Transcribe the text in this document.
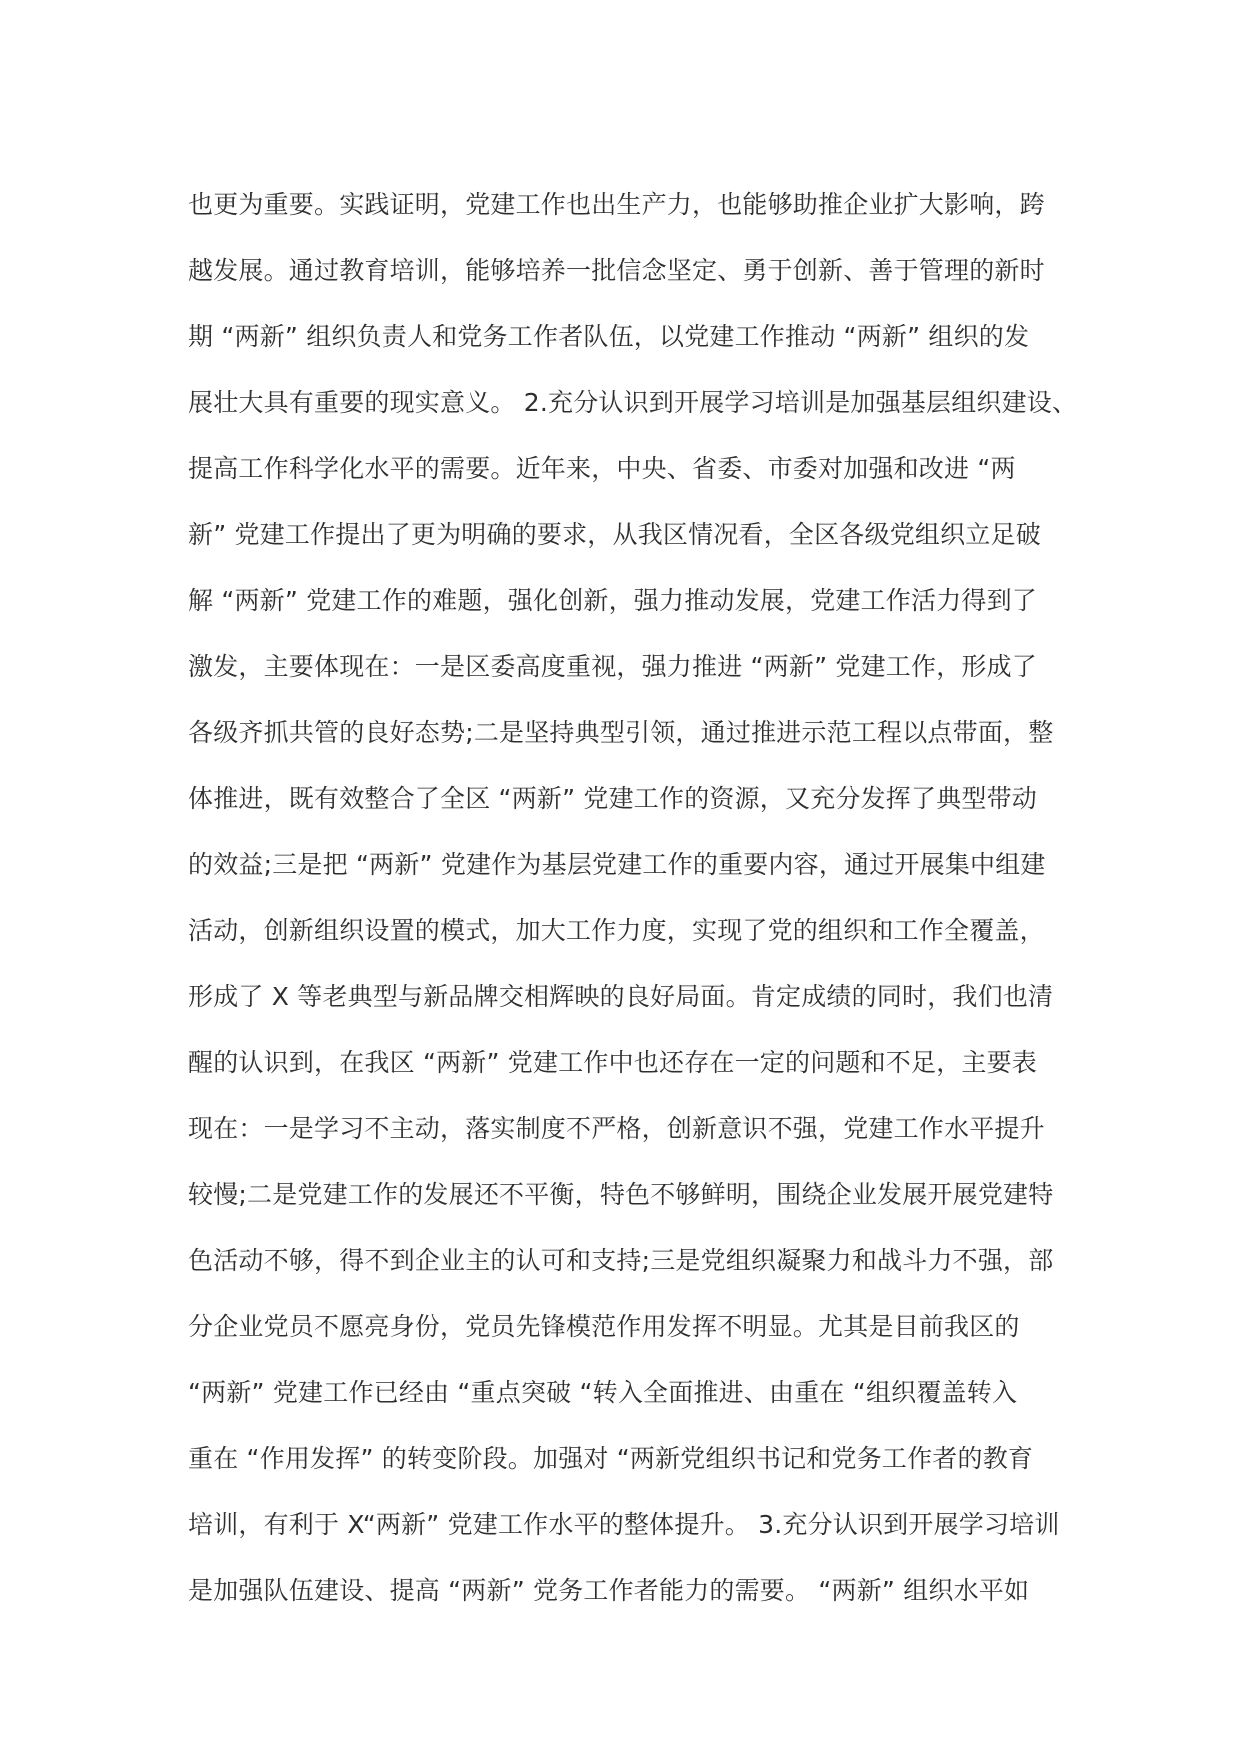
也更为重要。实践证明，党建工作也出生产力，也能够助推企业扩大影响，跨
越发展。通过教育培训，能够培养一批信念坚定、勇于创新、善于管理的新时
期 “两新” 组织负责人和党务工作者队伍，以党建工作推动 “两新” 组织的发
展壮大具有重要的现实意义。 2.充分认识到开展学习培训是加强基层组织建设、
提高工作科学化水平的需要。近年来，中央、省委、市委对加强和改进 “两
新” 党建工作提出了更为明确的要求，从我区情况看，全区各级党组织立足破
解 “两新” 党建工作的难题，强化创新，强力推动发展，党建工作活力得到了
激发，主要体现在：一是区委高度重视，强力推进 “两新” 党建工作，形成了
各级齐抓共管的良好态势;二是坚持典型引领，通过推进示范工程以点带面，整
体推进，既有效整合了全区 “两新” 党建工作的资源，又充分发挥了典型带动
的效益;三是把 “两新” 党建作为基层党建工作的重要内容，通过开展集中组建
活动，创新组织设置的模式，加大工作力度，实现了党的组织和工作全覆盖，
形成了 X 等老典型与新品牌交相辉映的良好局面。肯定成绩的同时，我们也清
醒的认识到，在我区 “两新” 党建工作中也还存在一定的问题和不足，主要表
现在：一是学习不主动，落实制度不严格，创新意识不强，党建工作水平提升
较慢;二是党建工作的发展还不平衡，特色不够鲜明，围绕企业发展开展党建特
色活动不够，得不到企业主的认可和支持;三是党组织凝聚力和战斗力不强，部
分企业党员不愿亮身份，党员先锋模范作用发挥不明显。尤其是目前我区的
“两新” 党建工作已经由 “重点突破 “转入全面推进、由重在 “组织覆盖转入
重在 “作用发挥” 的转变阶段。加强对 “两新党组织书记和党务工作者的教育
培训，有利于 X“两新” 党建工作水平的整体提升。 3.充分认识到开展学习培训
是加强队伍建设、提高 “两新” 党务工作者能力的需要。 “两新” 组织水平如
